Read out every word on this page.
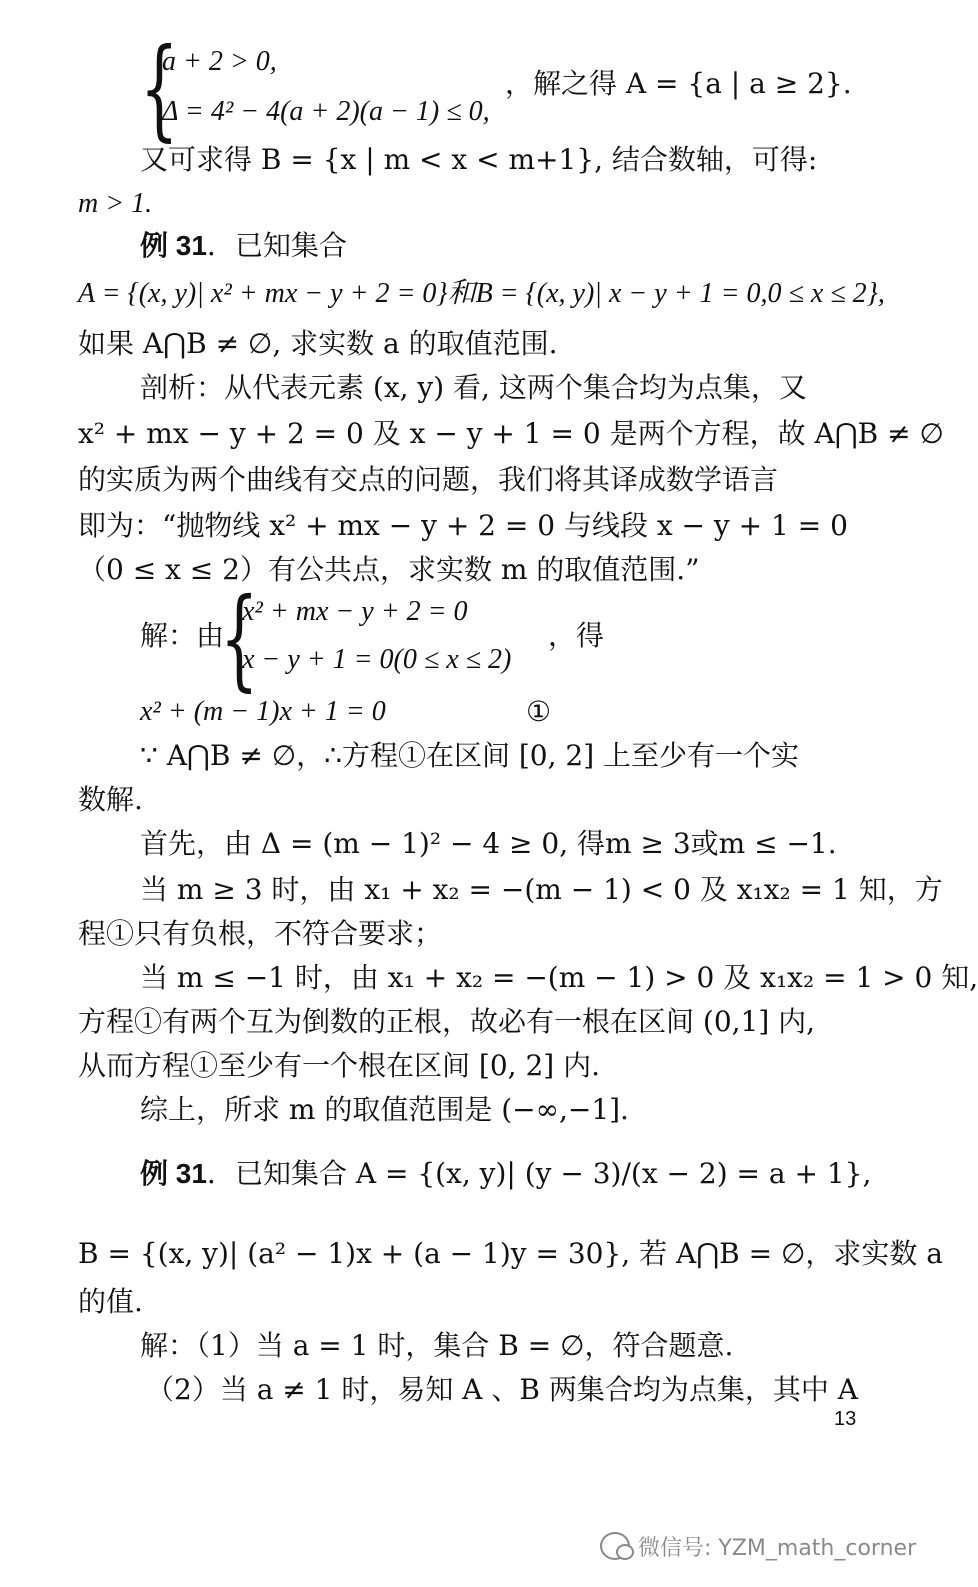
{
a + 2 > 0,
Δ = 4² − 4(a + 2)(a − 1) ≤ 0,
，解之得 A = {a | a ≥ 2}.
又可求得 B = {x | m < x < m+1}, 结合数轴，可得:
m > 1.
例 31．已知集合
A = {(x, y)| x² + mx − y + 2 = 0}和B = {(x, y)| x − y + 1 = 0,0 ≤ x ≤ 2},
如果 A⋂B ≠ ∅, 求实数 a 的取值范围.
剖析：从代表元素 (x, y) 看, 这两个集合均为点集，又
x² + mx − y + 2 = 0 及 x − y + 1 = 0 是两个方程，故 A⋂B ≠ ∅
的实质为两个曲线有交点的问题，我们将其译成数学语言
即为：“抛物线 x² + mx − y + 2 = 0 与线段 x − y + 1 = 0
（0 ≤ x ≤ 2）有公共点，求实数 m 的取值范围.”
解：由
{
x² + mx − y + 2 = 0
x − y + 1 = 0(0 ≤ x ≤ 2)
，得
x² + (m − 1)x + 1 = 0	①
∵ A⋂B ≠ ∅，∴方程①在区间 [0, 2] 上至少有一个实
数解.
首先，由 Δ = (m − 1)² − 4 ≥ 0, 得m ≥ 3或m ≤ −1.
当 m ≥ 3 时，由 x₁ + x₂ = −(m − 1) < 0 及 x₁x₂ = 1 知，方
程①只有负根，不符合要求；
当 m ≤ −1 时，由 x₁ + x₂ = −(m − 1) > 0 及 x₁x₂ = 1 > 0 知,
方程①有两个互为倒数的正根，故必有一根在区间 (0,1] 内,
从而方程①至少有一个根在区间 [0, 2] 内.
综上，所求 m 的取值范围是 (−∞,−1].
例 31．已知集合 A = {(x, y)| (y − 3)/(x − 2) = a + 1},
B = {(x, y)| (a² − 1)x + (a − 1)y = 30}, 若 A⋂B = ∅，求实数 a
的值.
解：（1）当 a = 1 时，集合 B = ∅，符合题意.
（2）当 a ≠ 1 时，易知 A 、B 两集合均为点集，其中 A
13
微信号: YZM_math_corner
